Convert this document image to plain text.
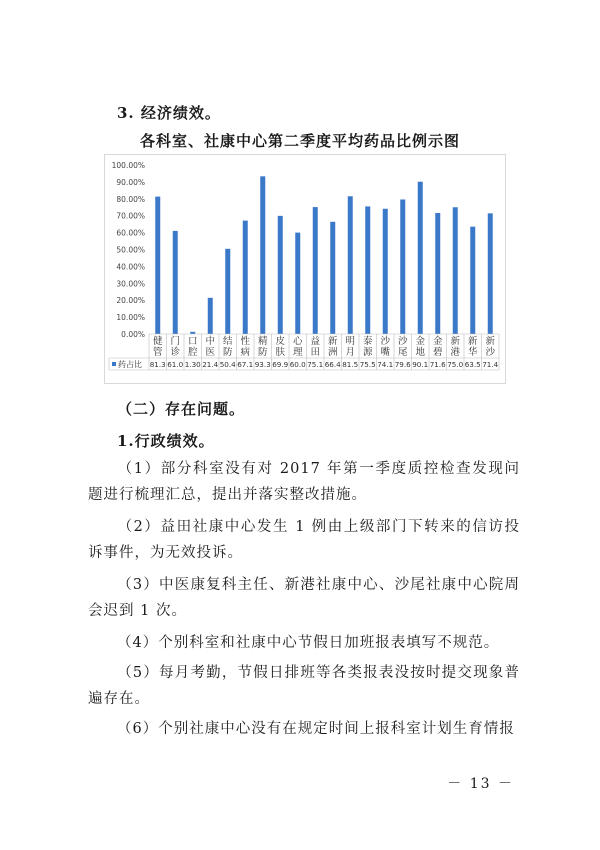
3. 经济绩效。
各科室、社康中心第二季度平均药品比例示图
0.00%
10.00%
20.00%
30.00%
40.00%
50.00%
60.00%
70.00%
80.00%
90.00%
100.00%
健
管
门
诊
口
腔
中
医
结
防
性
病
精
防
皮
肤
心
理
益
田
新
洲
明
月
泰
源
沙
嘴
沙
尾
金
地
金
碧
新
港
新
华
新
沙
药占比 81.3 61.0 1.30 21.4 50.4 67.1 93.3 69.9 60.0 75.1 66.4 81.5 75.5 74.1 79.6 90.1 71.6 75.0 63.5 71.4
（二）存在问题。
1.行政绩效。
（1）部分科室没有对 2017 年第一季度质控检查发现问题进行梳理汇总，提出并落实整改措施。
（2）益田社康中心发生 1 例由上级部门下转来的信访投诉事件，为无效投诉。
（3）中医康复科主任、新港社康中心、沙尾社康中心院周会迟到 1 次。
（4）个别科室和社康中心节假日加班报表填写不规范。
（5）每月考勤，节假日排班等各类报表没按时提交现象普遍存在。
（6）个别社康中心没有在规定时间上报科室计划生育情报
－ 13 －
